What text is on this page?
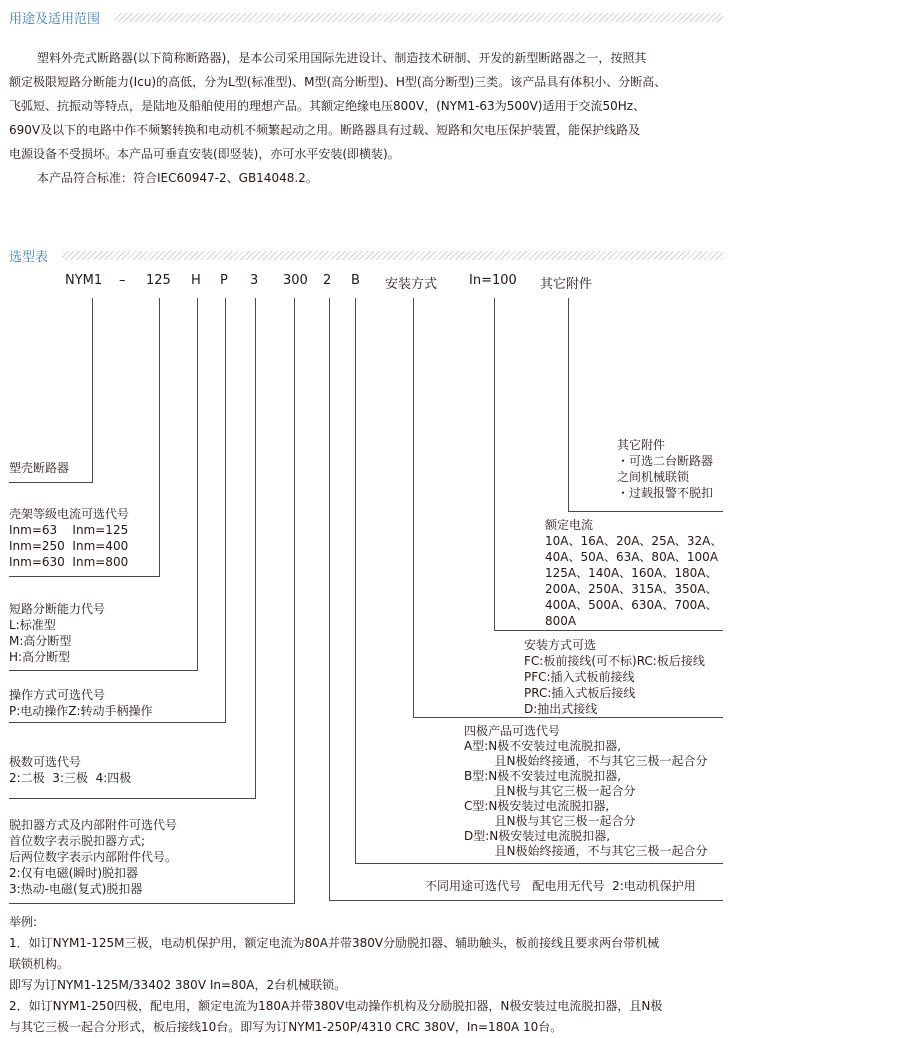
用途及适用范围
塑料外壳式断路器(以下简称断路器)，是本公司采用国际先进设计、制造技术研制、开发的新型断路器之一，按照其
额定极限短路分断能力(Icu)的高低，分为L型(标准型)、M型(高分断型)、H型(高分断型)三类。该产品具有体积小、分断高、
飞弧短、抗振动等特点，是陆地及船舶使用的理想产品。其额定绝缘电压800V，(NYM1-63为500V)适用于交流50Hz、
690V及以下的电路中作不频繁转换和电动机不频繁起动之用。断路器具有过载、短路和欠电压保护装置，能保护线路及
电源设备不受损坏。本产品可垂直安装(即竖装)，亦可水平安装(即横装)。
本产品符合标准：符合IEC60947-2、GB14048.2。
选型表
NYM1 – 125 H P 3 300 2 B 安装方式 In=100 其它附件
塑壳断路器
壳架等级电流可选代号
Inm=63    Inm=125
Inm=250  Inm=400
Inm=630  Inm=800
短路分断能力代号
L:标准型
M:高分断型
H:高分断型
操作方式可选代号
P:电动操作Z:转动手柄操作
极数可选代号
2:二极  3:三极  4:四极
脱扣器方式及内部附件可选代号
首位数字表示脱扣器方式;
后两位数字表示内部附件代号。
2:仅有电磁(瞬时)脱扣器
3:热动-电磁(复式)脱扣器
其它附件
・可选二台断路器
之间机械联锁
・过载报警不脱扣
额定电流
10A、16A、20A、25A、32A、
40A、50A、63A、80A、100A
125A、140A、160A、180A、
200A、250A、315A、350A、
400A、500A、630A、700A、
800A
安装方式可选
FC:板前接线(可不标)RC:板后接线
PFC:插入式板前接线
PRC:插入式板后接线
D:抽出式接线
四极产品可选代号
A型:N极不安装过电流脱扣器,
且N极始终接通，不与其它三极一起合分
B型:N极不安装过电流脱扣器,
且N极与其它三极一起合分
C型:N极安装过电流脱扣器,
且N极与其它三极一起合分
D型:N极安装过电流脱扣器,
且N极始终接通，不与其它三极一起合分
不同用途可选代号   配电用无代号  2:电动机保护用
举例:
1．如订NYM1-125M三极，电动机保护用，额定电流为80A并带380V分励脱扣器、辅助触头，板前接线且要求两台带机械
联锁机构。
即写为订NYM1-125M/33402 380V In=80A，2台机械联锁。
2．如订NYM1-250四极，配电用，额定电流为180A并带380V电动操作机构及分励脱扣器，N极安装过电流脱扣器，且N极
与其它三极一起合分形式，板后接线10台。即写为订NYM1-250P/4310 CRC 380V，In=180A 10台。
